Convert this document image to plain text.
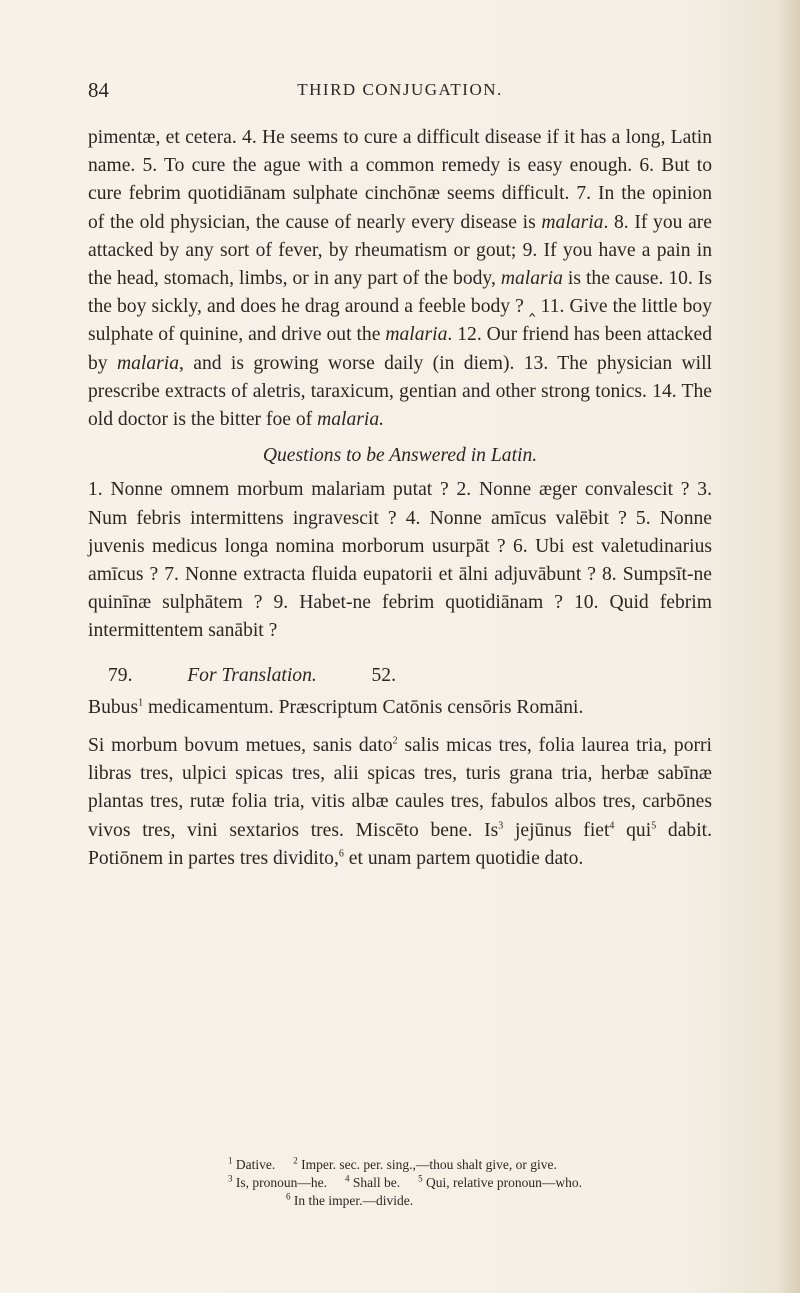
84	THIRD CONJUGATION.

pimentæ, et cetera. 4. He seems to cure a difficult disease if it has a long, Latin name. 5. To cure the ague with a common remedy is easy enough. 6. But to cure febrim quotidiānam sulphate cinchōnæ seems difficult. 7. In the opinion of the old physician, the cause of nearly every disease is malaria. 8. If you are attacked by any sort of fever, by rheumatism or gout; 9. If you have a pain in the head, stomach, limbs, or in any part of the body, malaria is the cause. 10. Is the boy sickly, and does he drag around a feeble body ? ‸ 11. Give the little boy sulphate of quinine, and drive out the malaria. 12. Our friend has been attacked by malaria, and is growing worse daily (in diem). 13. The physician will prescribe extracts of aletris, taraxicum, gentian and other strong tonics. 14. The old doctor is the bitter foe of malaria.

Questions to be Answered in Latin.

1. Nonne omnem morbum malariam putat ? 2. Nonne æger convalescit ? 3. Num febris intermittens ingravescit ? 4. Nonne amīcus valēbit ? 5. Nonne juvenis medicus longa nomina morborum usurpāt ? 6. Ubi est valetudinarius amīcus ? 7. Nonne extracta fluida eupatorii et ālni adjuvābunt ? 8. Sumpsīt-ne quinīnæ sulphātem ? 9. Habet-ne febrim quotidiānam ? 10. Quid febrim intermittentem sanābit ?

79.	For Translation.	52.

Bubus$^1$ medicamentum. Præscriptum Catōnis censōris Romāni.

Si morbum bovum metues, sanis dato$^2$ salis micas tres, folia laurea tria, porri libras tres, ulpici spicas tres, alii spicas tres, turis grana tria, herbæ sabīnæ plantas tres, rutæ folia tria, vitis albæ caules tres, fabulos albos tres, carbōnes vivos tres, vini sextarios tres. Miscēto bene. Is$^3$ jejūnus fiet$^4$ qui$^5$ dabit. Potiōnem in partes tres dividito,$^6$ et unam partem quotidie dato.

$^1$ Dative. $^2$ Imper. sec. per. sing.,—thou shalt give, or give.
$^3$ Is, pronoun—he. $^4$ Shall be. $^5$ Qui, relative pronoun—who.
$^6$ In the imper.—divide.
